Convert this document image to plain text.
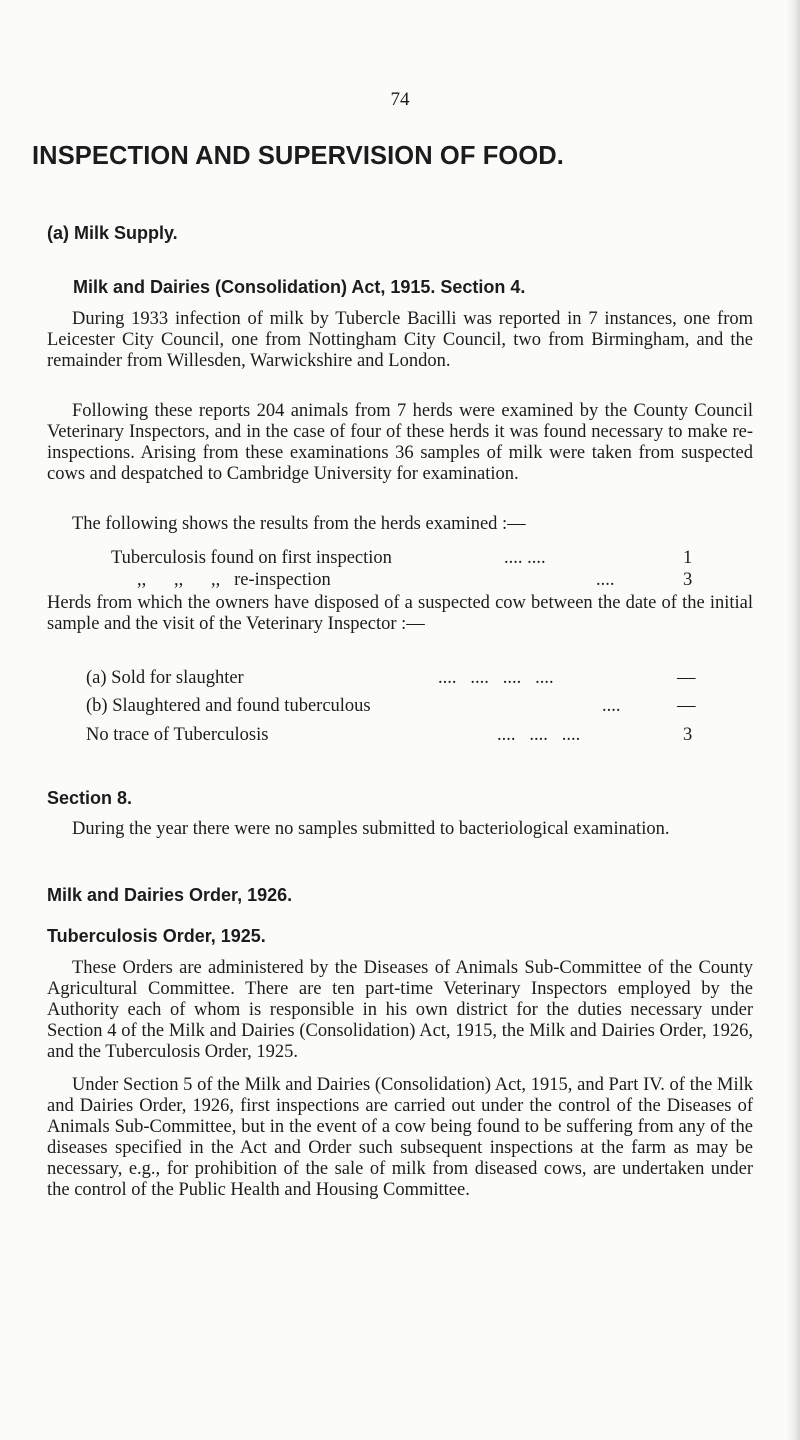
74
INSPECTION AND SUPERVISION OF FOOD.
(a) Milk Supply.
Milk and Dairies (Consolidation) Act, 1915. Section 4.

During 1933 infection of milk by Tubercle Bacilli was reported in 7 instances, one from Leicester City Council, one from Nottingham City Council, two from Birmingham, and the remainder from Willesden, Warwickshire and London.

Following these reports 204 animals from 7 herds were examined by the County Council Veterinary Inspectors, and in the case of four of these herds it was found necessary to make re-inspections. Arising from these examinations 36 samples of milk were taken from suspected cows and despatched to Cambridge University for examination.

The following shows the results from the herds examined :—

Tuberculosis found on first inspection	.... ....	1
,,      ,,      ,,   re-inspection	....	3

Herds from which the owners have disposed of a suspected cow between the date of the initial sample and the visit of the Veterinary Inspector :—

(a) Sold for slaughter	....   ....   ....   ....	—
(b) Slaughtered and found tuberculous	....	—
No trace of Tuberculosis	....   ....   ....	3
Section 8.

During the year there were no samples submitted to bacteriological examination.

Milk and Dairies Order, 1926.
Tuberculosis Order, 1925.

These Orders are administered by the Diseases of Animals Sub-Committee of the County Agricultural Committee. There are ten part-time Veterinary Inspectors employed by the Authority each of whom is responsible in his own district for the duties necessary under Section 4 of the Milk and Dairies (Consolidation) Act, 1915, the Milk and Dairies Order, 1926, and the Tuberculosis Order, 1925.

Under Section 5 of the Milk and Dairies (Consolidation) Act, 1915, and Part IV. of the Milk and Dairies Order, 1926, first inspections are carried out under the control of the Diseases of Animals Sub-Committee, but in the event of a cow being found to be suffering from any of the diseases specified in the Act and Order such subsequent inspections at the farm as may be necessary, e.g., for prohibition of the sale of milk from diseased cows, are undertaken under the control of the Public Health and Housing Committee.
